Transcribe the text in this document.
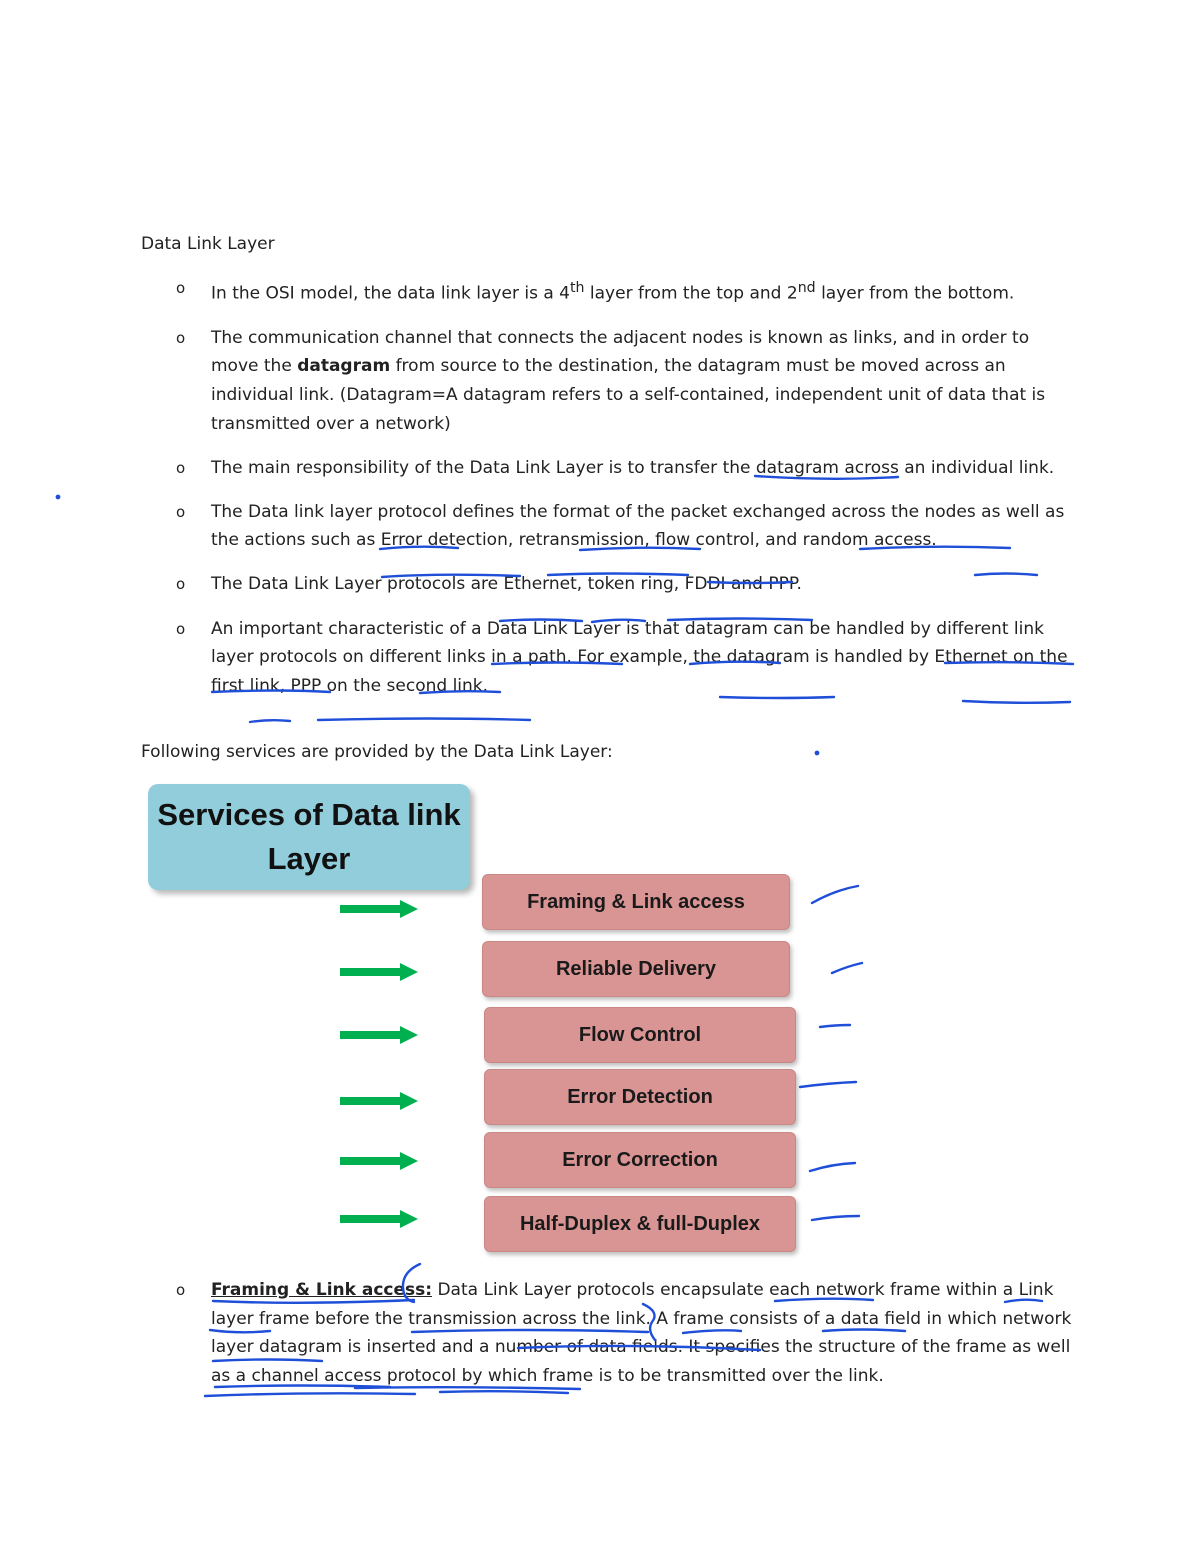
Data Link Layer
o In the OSI model, the data link layer is a 4th layer from the top and 2nd layer from the bottom.
o The communication channel that connects the adjacent nodes is known as links, and in order to move the datagram from source to the destination, the datagram must be moved across an individual link. (Datagram=A datagram refers to a self-contained, independent unit of data that is transmitted over a network)
o The main responsibility of the Data Link Layer is to transfer the datagram across an individual link.
o The Data link layer protocol defines the format of the packet exchanged across the nodes as well as the actions such as Error detection, retransmission, flow control, and random access.
o The Data Link Layer protocols are Ethernet, token ring, FDDI and PPP.
o An important characteristic of a Data Link Layer is that datagram can be handled by different link layer protocols on different links in a path. For example, the datagram is handled by Ethernet on the first link, PPP on the second link.
Following services are provided by the Data Link Layer:
Services of Data link Layer
Framing & Link access
Reliable Delivery
Flow Control
Error Detection
Error Correction
Half-Duplex & full-Duplex
o Framing & Link access: Data Link Layer protocols encapsulate each network frame within a Link layer frame before the transmission across the link. A frame consists of a data field in which network layer datagram is inserted and a number of data fields. It specifies the structure of the frame as well as a channel access protocol by which frame is to be transmitted over the link.
